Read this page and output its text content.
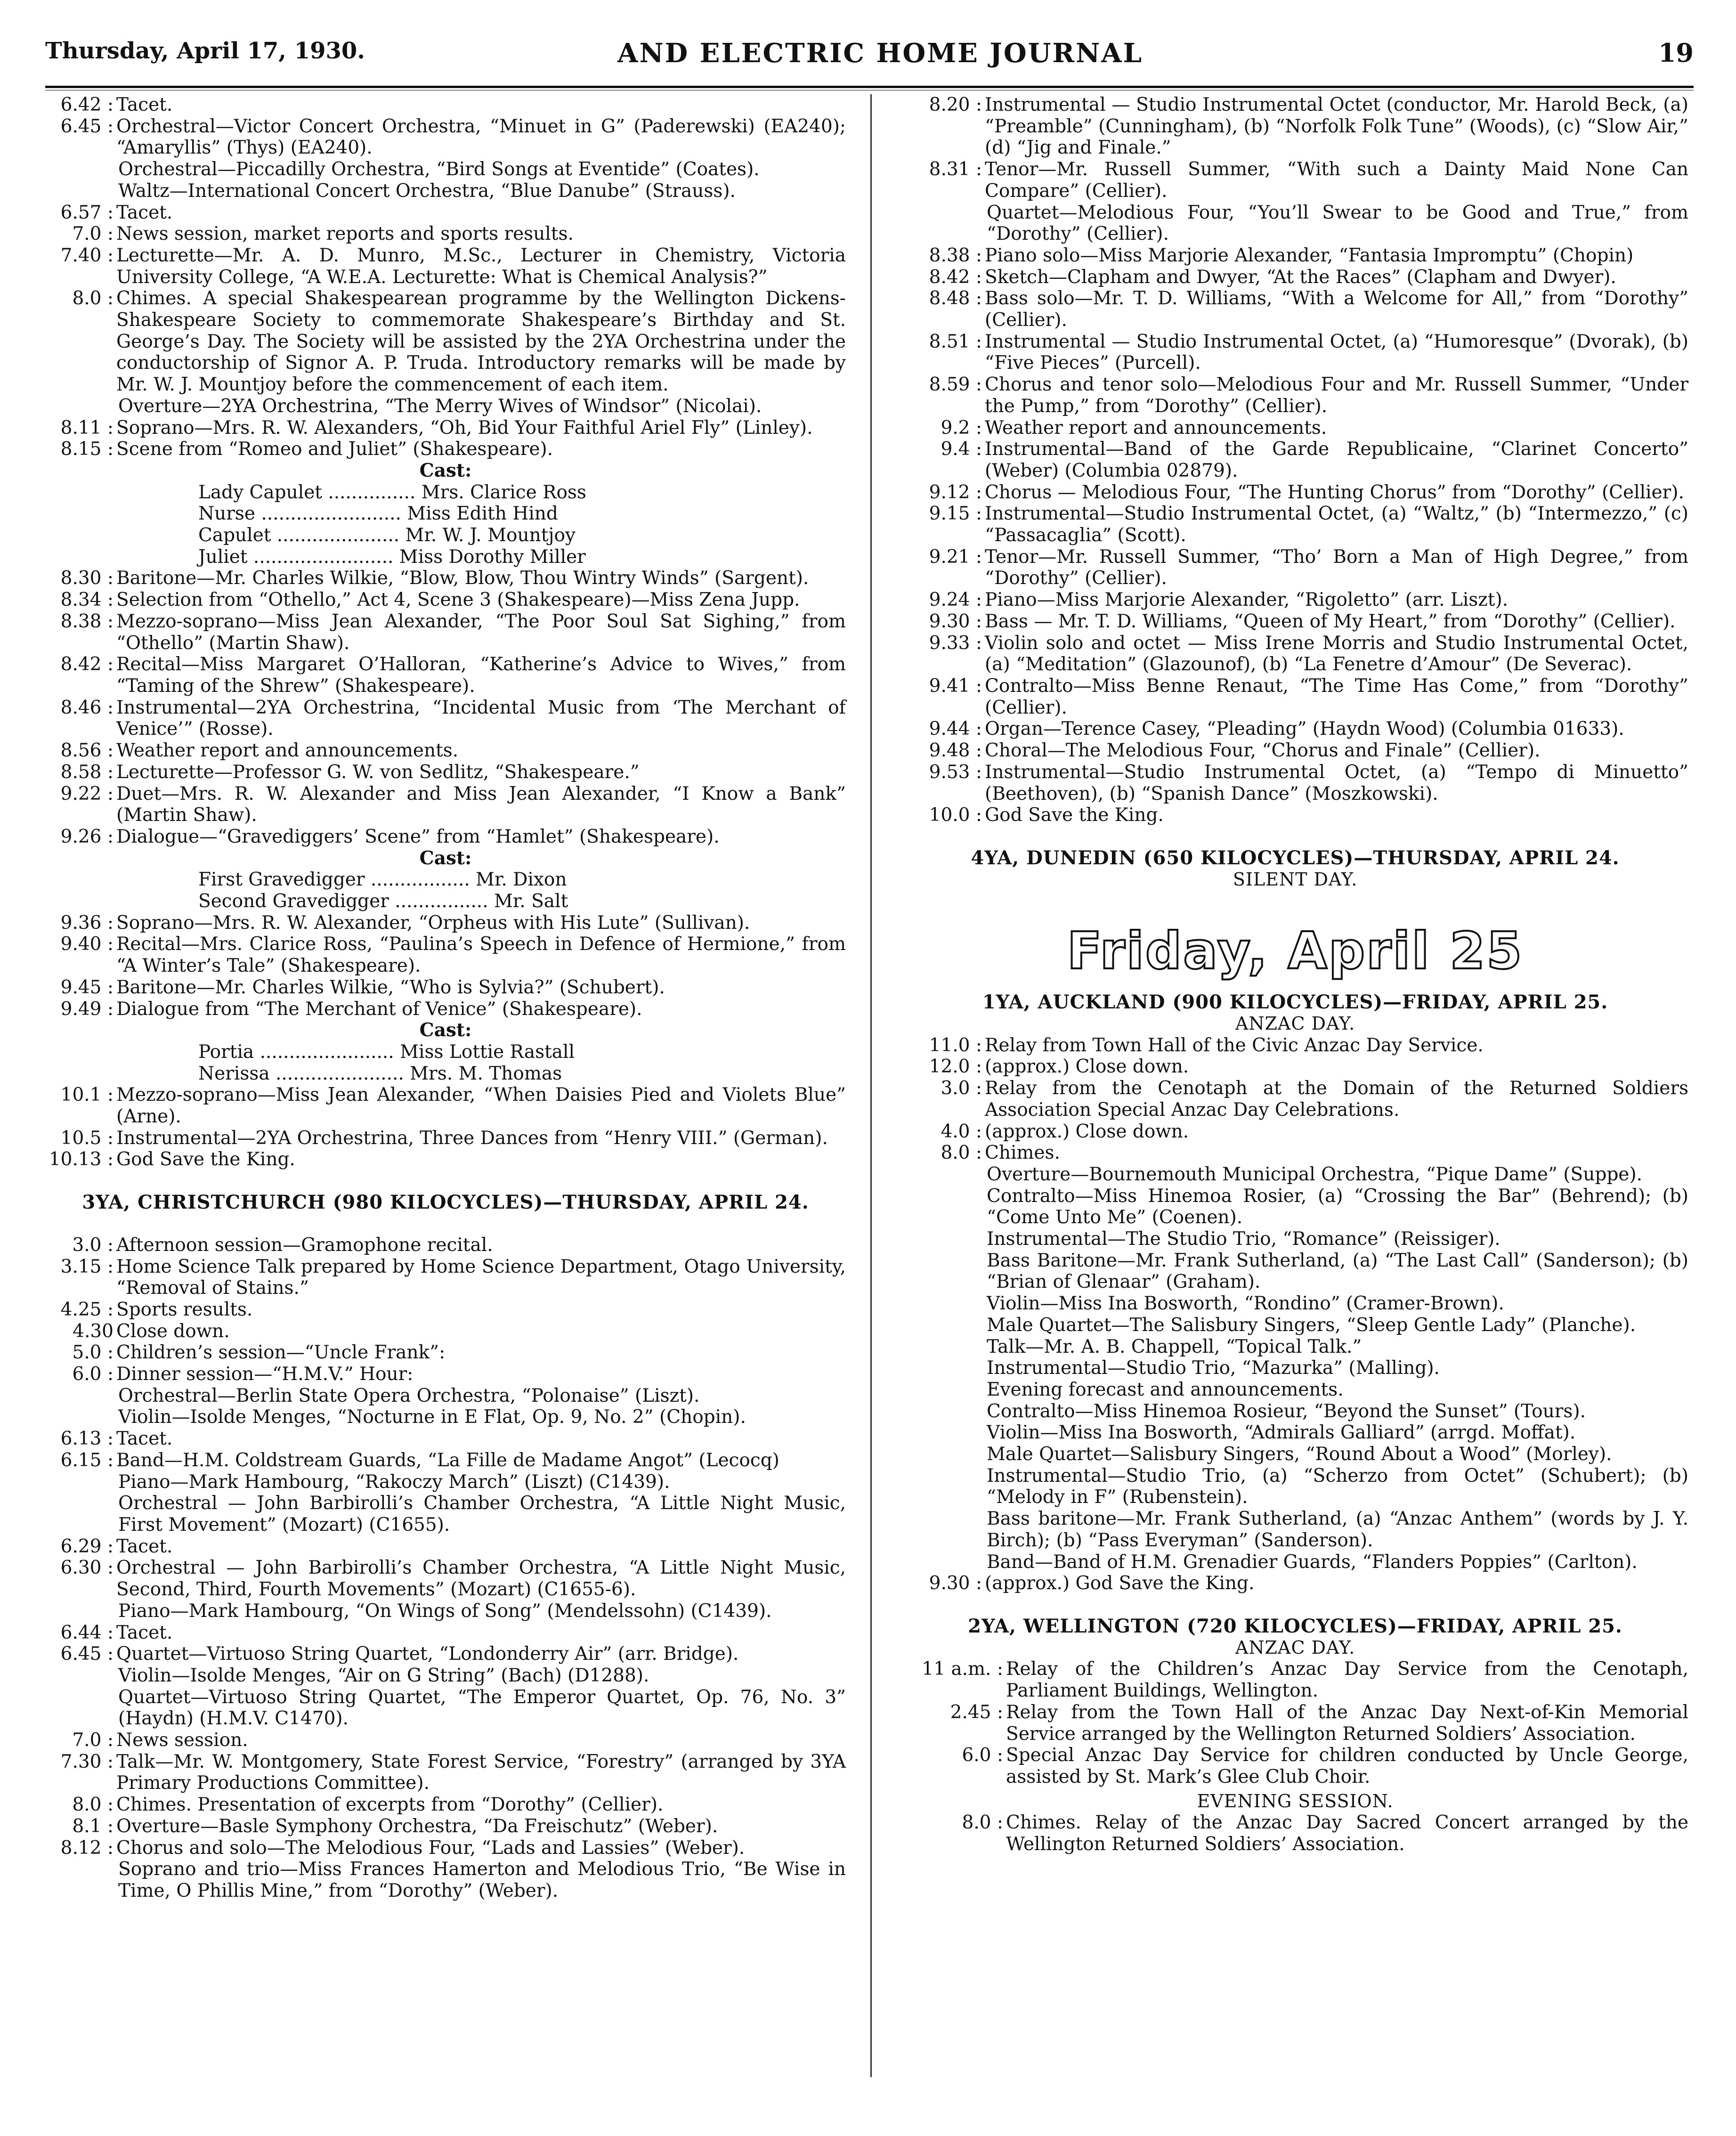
Thursday, April 17, 1930.	AND ELECTRIC HOME JOURNAL	19
6.42 : Tacet.
6.45 : Orchestral—Victor Concert Orchestra, “Minuet in G” (Paderewski) (EA240); “Amaryllis” (Thys) (EA240).
Orchestral—Piccadilly Orchestra, “Bird Songs at Eventide” (Coates).
Waltz—International Concert Orchestra, “Blue Danube” (Strauss).
6.57 : Tacet.
7.0 : News session, market reports and sports results.
7.40 : Lecturette—Mr. A. D. Munro, M.Sc., Lecturer in Chemistry, Victoria University College, “A W.E.A. Lecturette: What is Chemical Analysis?”
8.0 : Chimes. A special Shakespearean programme by the Wellington Dickens-Shakespeare Society to commemorate Shakespeare’s Birthday and St. George’s Day. The Society will be assisted by the 2YA Orchestrina under the conductorship of Signor A. P. Truda. Introductory remarks will be made by Mr. W. J. Mountjoy before the commencement of each item.
Overture—2YA Orchestrina, “The Merry Wives of Windsor” (Nicolai).
8.11 : Soprano—Mrs. R. W. Alexanders, “Oh, Bid Your Faithful Ariel Fly” (Linley).
8.15 : Scene from “Romeo and Juliet” (Shakespeare).
Cast:
Lady Capulet ............... Mrs. Clarice Ross
Nurse ........................ Miss Edith Hind
Capulet ..................... Mr. W. J. Mountjoy
Juliet ........................ Miss Dorothy Miller
8.30 : Baritone—Mr. Charles Wilkie, “Blow, Blow, Thou Wintry Winds” (Sargent).
8.34 : Selection from “Othello,” Act 4, Scene 3 (Shakespeare)—Miss Zena Jupp.
8.38 : Mezzo-soprano—Miss Jean Alexander, “The Poor Soul Sat Sighing,” from “Othello” (Martin Shaw).
8.42 : Recital—Miss Margaret O’Halloran, “Katherine’s Advice to Wives,” from “Taming of the Shrew” (Shakespeare).
8.46 : Instrumental—2YA Orchestrina, “Incidental Music from ‘The Merchant of Venice’” (Rosse).
8.56 : Weather report and announcements.
8.58 : Lecturette—Professor G. W. von Sedlitz, “Shakespeare.”
9.22 : Duet—Mrs. R. W. Alexander and Miss Jean Alexander, “I Know a Bank” (Martin Shaw).
9.26 : Dialogue—“Gravediggers’ Scene” from “Hamlet” (Shakespeare).
Cast:
First Gravedigger ................. Mr. Dixon
Second Gravedigger ................ Mr. Salt
9.36 : Soprano—Mrs. R. W. Alexander, “Orpheus with His Lute” (Sullivan).
9.40 : Recital—Mrs. Clarice Ross, “Paulina’s Speech in Defence of Hermione,” from “A Winter’s Tale” (Shakespeare).
9.45 : Baritone—Mr. Charles Wilkie, “Who is Sylvia?” (Schubert).
9.49 : Dialogue from “The Merchant of Venice” (Shakespeare).
Cast:
Portia ....................... Miss Lottie Rastall
Nerissa ...................... Mrs. M. Thomas
10.1 : Mezzo-soprano—Miss Jean Alexander, “When Daisies Pied and Violets Blue” (Arne).
10.5 : Instrumental—2YA Orchestrina, Three Dances from “Henry VIII.” (German).
10.13 : God Save the King.
3YA, CHRISTCHURCH (980 KILOCYCLES)—THURSDAY, APRIL 24.
3.0 : Afternoon session—Gramophone recital.
3.15 : Home Science Talk prepared by Home Science Department, Otago University, “Removal of Stains.”
4.25 : Sports results.
4.30 Close down.
5.0 : Children’s session—“Uncle Frank”:
6.0 : Dinner session—“H.M.V.” Hour:
Orchestral—Berlin State Opera Orchestra, “Polonaise” (Liszt).
Violin—Isolde Menges, “Nocturne in E Flat, Op. 9, No. 2” (Chopin).
6.13 : Tacet.
6.15 : Band—H.M. Coldstream Guards, “La Fille de Madame Angot” (Lecocq)
Piano—Mark Hambourg, “Rakoczy March” (Liszt) (C1439).
Orchestral — John Barbirolli’s Chamber Orchestra, “A Little Night Music, First Movement” (Mozart) (C1655).
6.29 : Tacet.
6.30 : Orchestral — John Barbirolli’s Chamber Orchestra, “A Little Night Music, Second, Third, Fourth Movements” (Mozart) (C1655-6).
Piano—Mark Hambourg, “On Wings of Song” (Mendelssohn) (C1439).
6.44 : Tacet.
6.45 : Quartet—Virtuoso String Quartet, “Londonderry Air” (arr. Bridge).
Violin—Isolde Menges, “Air on G String” (Bach) (D1288).
Quartet—Virtuoso String Quartet, “The Emperor Quartet, Op. 76, No. 3” (Haydn) (H.M.V. C1470).
7.0 : News session.
7.30 : Talk—Mr. W. Montgomery, State Forest Service, “Forestry” (arranged by 3YA Primary Productions Committee).
8.0 : Chimes. Presentation of excerpts from “Dorothy” (Cellier).
8.1 : Overture—Basle Symphony Orchestra, “Da Freischutz” (Weber).
8.12 : Chorus and solo—The Melodious Four, “Lads and Lassies” (Weber).
Soprano and trio—Miss Frances Hamerton and Melodious Trio, “Be Wise in Time, O Phillis Mine,” from “Dorothy” (Weber).
8.20 : Instrumental — Studio Instrumental Octet (conductor, Mr. Harold Beck, (a) “Preamble” (Cunningham), (b) “Norfolk Folk Tune” (Woods), (c) “Slow Air,” (d) “Jig and Finale.”
8.31 : Tenor—Mr. Russell Summer, “With such a Dainty Maid None Can Compare” (Cellier).
Quartet—Melodious Four, “You’ll Swear to be Good and True,” from “Dorothy” (Cellier).
8.38 : Piano solo—Miss Marjorie Alexander, “Fantasia Impromptu” (Chopin)
8.42 : Sketch—Clapham and Dwyer, “At the Races” (Clapham and Dwyer).
8.48 : Bass solo—Mr. T. D. Williams, “With a Welcome for All,” from “Dorothy” (Cellier).
8.51 : Instrumental — Studio Instrumental Octet, (a) “Humoresque” (Dvorak), (b) “Five Pieces” (Purcell).
8.59 : Chorus and tenor solo—Melodious Four and Mr. Russell Summer, “Under the Pump,” from “Dorothy” (Cellier).
9.2 : Weather report and announcements.
9.4 : Instrumental—Band of the Garde Republicaine, “Clarinet Concerto” (Weber) (Columbia 02879).
9.12 : Chorus — Melodious Four, “The Hunting Chorus” from “Dorothy” (Cellier).
9.15 : Instrumental—Studio Instrumental Octet, (a) “Waltz,” (b) “Intermezzo,” (c) “Passacaglia” (Scott).
9.21 : Tenor—Mr. Russell Summer, “Tho’ Born a Man of High Degree,” from “Dorothy” (Cellier).
9.24 : Piano—Miss Marjorie Alexander, “Rigoletto” (arr. Liszt).
9.30 : Bass — Mr. T. D. Williams, “Queen of My Heart,” from “Dorothy” (Cellier).
9.33 : Violin solo and octet — Miss Irene Morris and Studio Instrumental Octet, (a) “Meditation” (Glazounof), (b) “La Fenetre d’Amour” (De Severac).
9.41 : Contralto—Miss Benne Renaut, “The Time Has Come,” from “Dorothy” (Cellier).
9.44 : Organ—Terence Casey, “Pleading” (Haydn Wood) (Columbia 01633).
9.48 : Choral—The Melodious Four, “Chorus and Finale” (Cellier).
9.53 : Instrumental—Studio Instrumental Octet, (a) “Tempo di Minuetto” (Beethoven), (b) “Spanish Dance” (Moszkowski).
10.0 : God Save the King.
4YA, DUNEDIN (650 KILOCYCLES)—THURSDAY, APRIL 24.
SILENT DAY.
Friday, April 25
1YA, AUCKLAND (900 KILOCYCLES)—FRIDAY, APRIL 25.
ANZAC DAY.
11.0 : Relay from Town Hall of the Civic Anzac Day Service.
12.0 : (approx.) Close down.
3.0 : Relay from the Cenotaph at the Domain of the Returned Soldiers Association Special Anzac Day Celebrations.
4.0 : (approx.) Close down.
8.0 : Chimes.
Overture—Bournemouth Municipal Orchestra, “Pique Dame” (Suppe).
Contralto—Miss Hinemoa Rosier, (a) “Crossing the Bar” (Behrend); (b) “Come Unto Me” (Coenen).
Instrumental—The Studio Trio, “Romance” (Reissiger).
Bass Baritone—Mr. Frank Sutherland, (a) “The Last Call” (Sanderson); (b) “Brian of Glenaar” (Graham).
Violin—Miss Ina Bosworth, “Rondino” (Cramer-Brown).
Male Quartet—The Salisbury Singers, “Sleep Gentle Lady” (Planche).
Talk—Mr. A. B. Chappell, “Topical Talk.”
Instrumental—Studio Trio, “Mazurka” (Malling).
Evening forecast and announcements.
Contralto—Miss Hinemoa Rosieur, “Beyond the Sunset” (Tours).
Violin—Miss Ina Bosworth, “Admirals Galliard” (arrgd. Moffat).
Male Quartet—Salisbury Singers, “Round About a Wood” (Morley).
Instrumental—Studio Trio, (a) “Scherzo from Octet” (Schubert); (b) “Melody in F” (Rubenstein).
Bass baritone—Mr. Frank Sutherland, (a) “Anzac Anthem” (words by J. Y. Birch); (b) “Pass Everyman” (Sanderson).
Band—Band of H.M. Grenadier Guards, “Flanders Poppies” (Carlton).
9.30 : (approx.) God Save the King.
2YA, WELLINGTON (720 KILOCYCLES)—FRIDAY, APRIL 25.
ANZAC DAY.
11 a.m. : Relay of the Children’s Anzac Day Service from the Cenotaph, Parliament Buildings, Wellington.
2.45 : Relay from the Town Hall of the Anzac Day Next-of-Kin Memorial Service arranged by the Wellington Returned Soldiers’ Association.
6.0 : Special Anzac Day Service for children conducted by Uncle George, assisted by St. Mark’s Glee Club Choir.
EVENING SESSION.
8.0 : Chimes. Relay of the Anzac Day Sacred Concert arranged by the Wellington Returned Soldiers’ Association.
